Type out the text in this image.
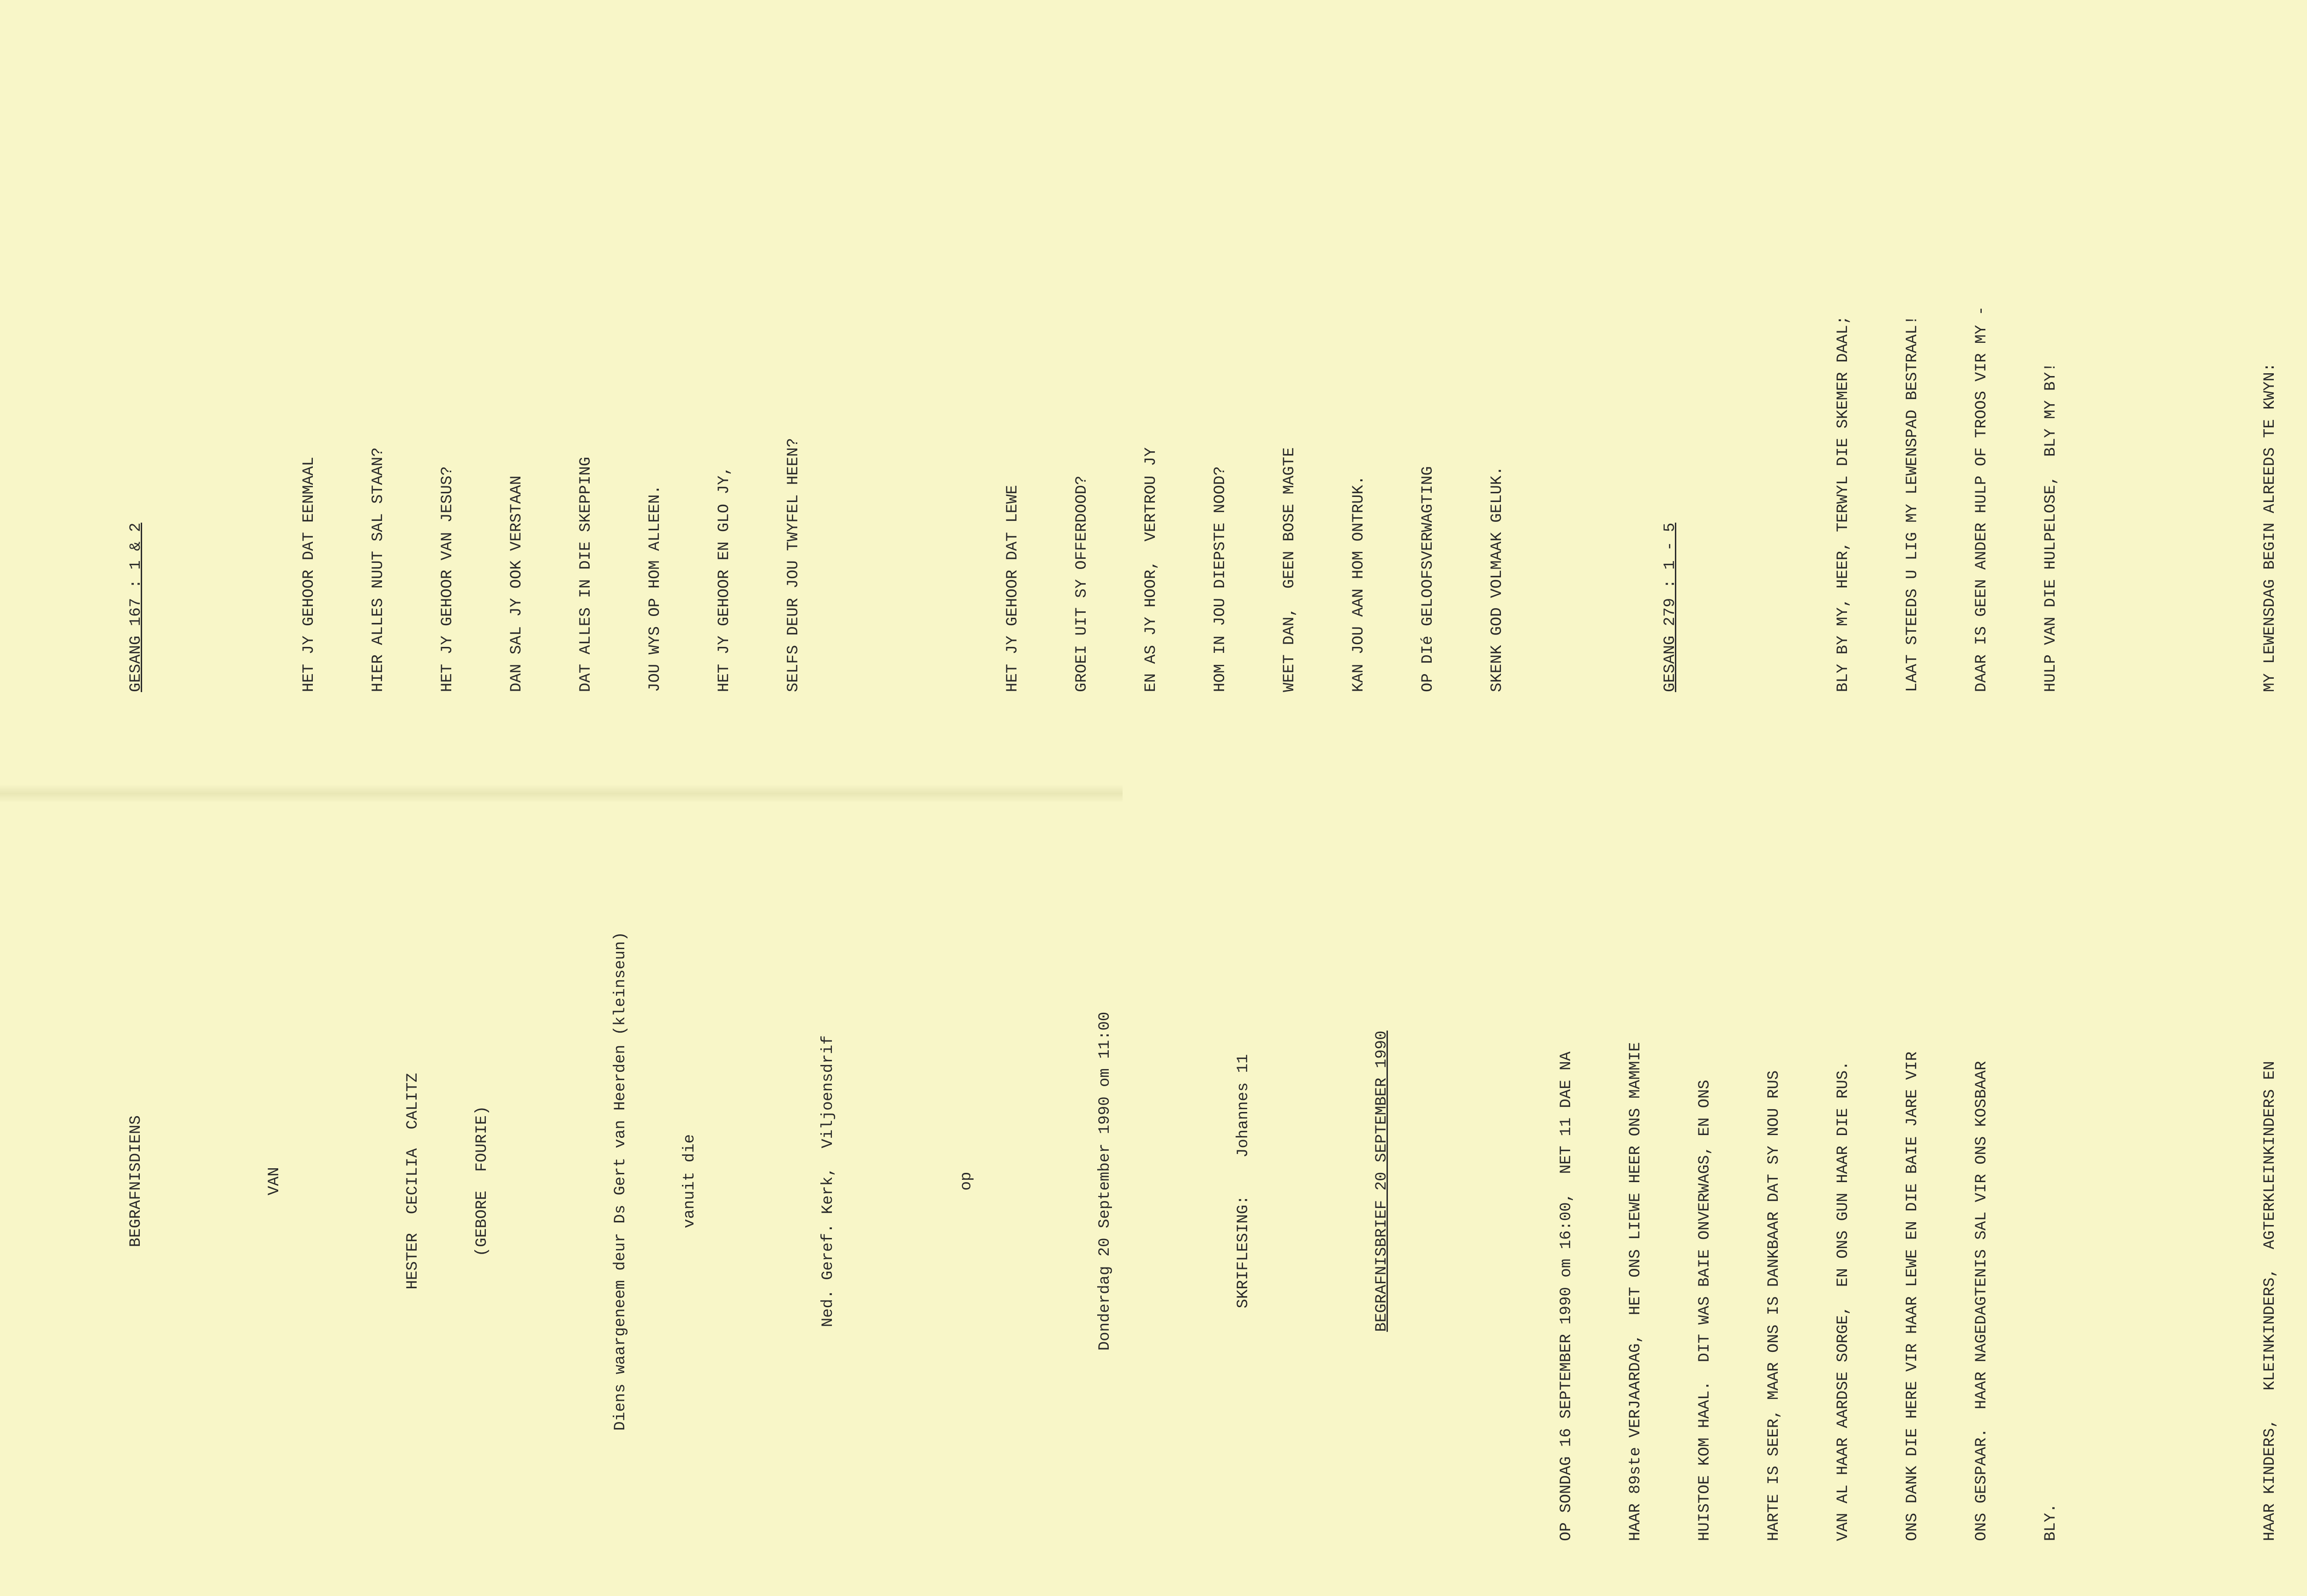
BEGRAFNISDIENS

	VAN

	HESTER  CECILIA  CALITZ

	(GEBORE  FOURIE)

	Diens waargeneem deur Ds Gert van Heerden (kleinseun)

	vanuit die

	Ned. Geref. Kerk,  Viljoensdrif

	op

	Donderdag 20 September 1990 om 11:00

	SKRIFLESING:    Johannes 11

	BEGRAFNISBRIEF 20 SEPTEMBER 1990

	OP SONDAG 16 SEPTEMBER 1990 om 16:00,  NET 11 DAE NA

	HAAR 89ste VERJAARDAG,  HET ONS LIEWE HEER ONS MAMMIE

	HUISTOE KOM HAAL.  DIT WAS BAIE ONVERWAGS, EN ONS

	HARTE IS SEER, MAAR ONS IS DANKBAAR DAT SY NOU RUS

	VAN AL HAAR AARDSE SORGE,  EN ONS GUN HAAR DIE RUS.

	ONS DANK DIE HERE VIR HAAR LEWE EN DIE BAIE JARE VIR

	ONS GESPAAR.  HAAR NAGEDAGTENIS SAL VIR ONS KOSBAAR

	BLY.

	HAAR KINDERS,   KLEINKINDERS,  AGTERKLEINKINDERS EN

GESANG 167 : 1 & 2

	HET JY GEHOOR DAT EENMAAL

	HIER ALLES NUUT SAL STAAN?

	HET JY GEHOOR VAN JESUS?

	DAN SAL JY OOK VERSTAAN

	DAT ALLES IN DIE SKEPPING

	JOU WYS OP HOM ALLEEN.

	HET JY GEHOOR EN GLO JY,

	SELFS DEUR JOU TWYFEL HEEN?

	HET JY GEHOOR DAT LEWE

	GROEI UIT SY OFFERDOOD?

	EN AS JY HOOR,  VERTROU JY

	HOM IN JOU DIEPSTE NOOD?

	WEET DAN,  GEEN BOSE MAGTE

	KAN JOU AAN HOM ONTRUK.

	OP DIé GELOOFSVERWAGTING

	SKENK GOD VOLMAAK GELUK.

	GESANG 279 : 1 - 5

	BLY BY MY, HEER, TERWYL DIE SKEMER DAAL;

	LAAT STEEDS U LIG MY LEWENSPAD BESTRAAL!

	DAAR IS GEEN ANDER HULP OF TROOS VIR MY -

	HULP VAN DIE HULPELOSE,  BLY MY BY!

	MY LEWENSDAG BEGIN ALREEDS TE KWYN:
